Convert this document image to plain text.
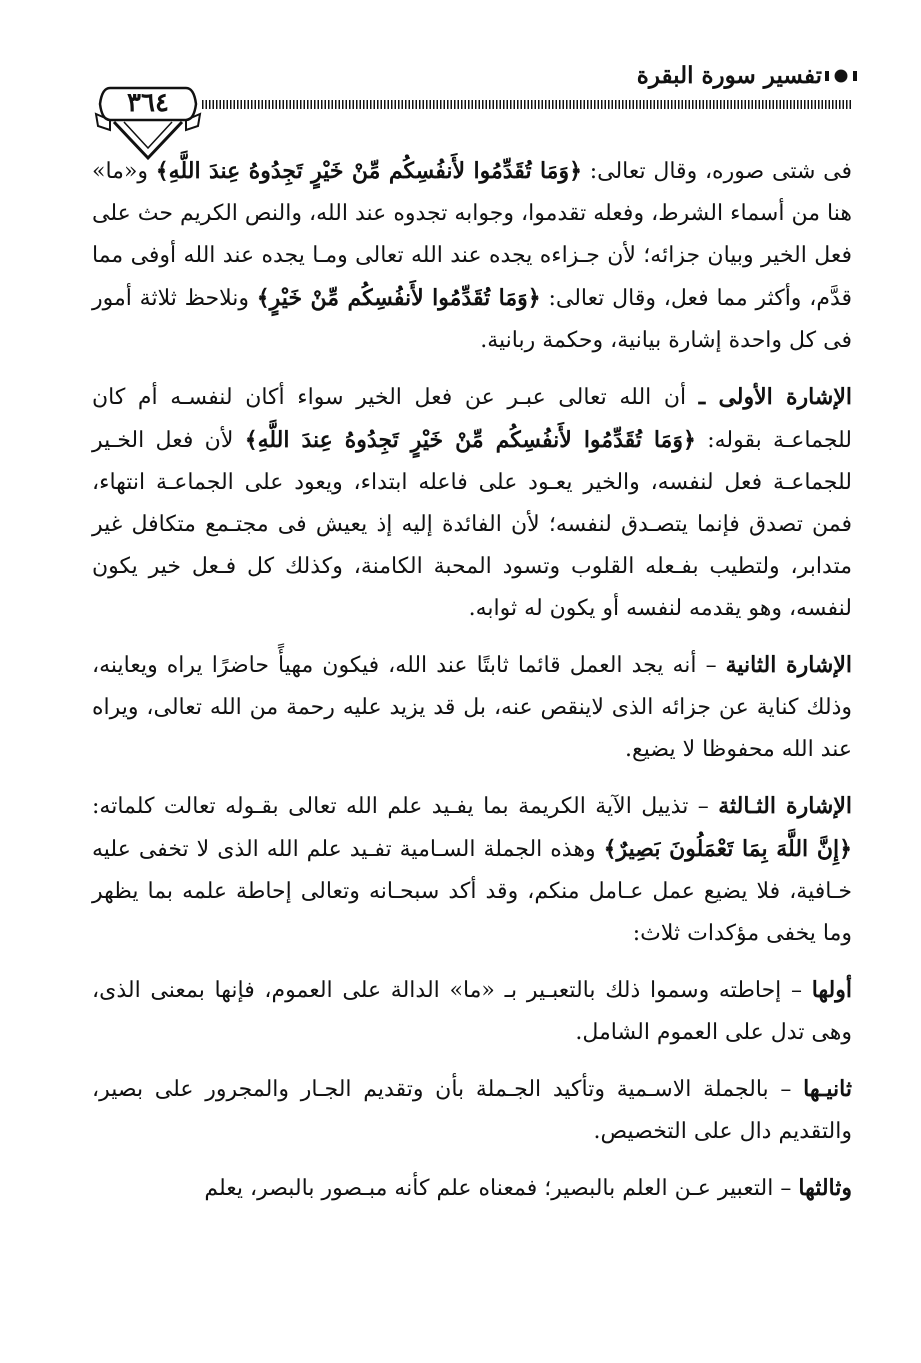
تفسير سورة البقرة
٣٦٤

فى شتى صوره، وقال تعالى: ﴿وَمَا تُقَدِّمُوا لأَنفُسِكُم مِّنْ خَيْرٍ تَجِدُوهُ عِندَ اللَّهِ﴾ و«ما» هنا من أسماء الشرط، وفعله تقدموا، وجوابه تجدوه عند الله، والنص الكريم حث على فعل الخير وبيان جزائه؛ لأن جـزاءه يجده عند الله تعالى ومـا يجده عند الله أوفى مما قدَّم، وأكثر مما فعل، وقال تعالى: ﴿وَمَا تُقَدِّمُوا لأَنفُسِكُم مِّنْ خَيْرٍ﴾ ونلاحظ ثلاثة أمور فى كل واحدة إشارة بيانية، وحكمة ربانية.

الإشارة الأولى ـ أن الله تعالى عبـر عن فعل الخير سواء أكان لنفسـه أم كان للجماعـة بقوله: ﴿وَمَا تُقَدِّمُوا لأَنفُسِكُم مِّنْ خَيْرٍ تَجِدُوهُ عِندَ اللَّهِ﴾ لأن فعل الخـير للجماعـة فعل لنفسه، والخير يعـود على فاعله ابتداء، ويعود على الجماعـة انتهاء، فمن تصدق فإنما يتصـدق لنفسه؛ لأن الفائدة إليه إذ يعيش فى مجتـمع متكافل غير متدابر، ولتطيب بفـعله القلوب وتسود المحبة الكامنة، وكذلك كل فـعل خير يكون لنفسه، وهو يقدمه لنفسه أو يكون له ثوابه.

الإشارة الثانية – أنه يجد العمل قائما ثابتًا عند الله، فيكون مهيأً حاضرًا يراه ويعاينه، وذلك كناية عن جزائه الذى لاينقص عنه، بل قد يزيد عليه رحمة من الله تعالى، ويراه عند الله محفوظا لا يضيع.

الإشارة الثـالثة – تذييل الآية الكريمة بما يفـيد علم الله تعالى بقـوله تعالت كلماته: ﴿إِنَّ اللَّهَ بِمَا تَعْمَلُونَ بَصِيرٌ﴾ وهذه الجملة السـامية تفـيد علم الله الذى لا تخفى عليه خـافية، فلا يضيع عمل عـامل منكم، وقد أكد سبحـانه وتعالى إحاطة علمه بما يظهر وما يخفى مؤكدات ثلاث:

أولها – إحاطته وسموا ذلك بالتعبـير بـ «ما» الدالة على العموم، فإنها بمعنى الذى، وهى تدل على العموم الشامل.

ثانيـها – بالجملة الاسـمية وتأكيد الجـملة بأن وتقديم الجـار والمجرور على بصير، والتقديم دال على التخصيص.

وثالثها – التعبير عـن العلم بالبصير؛ فمعناه علم كأنه مبـصور بالبصر، يعلم
